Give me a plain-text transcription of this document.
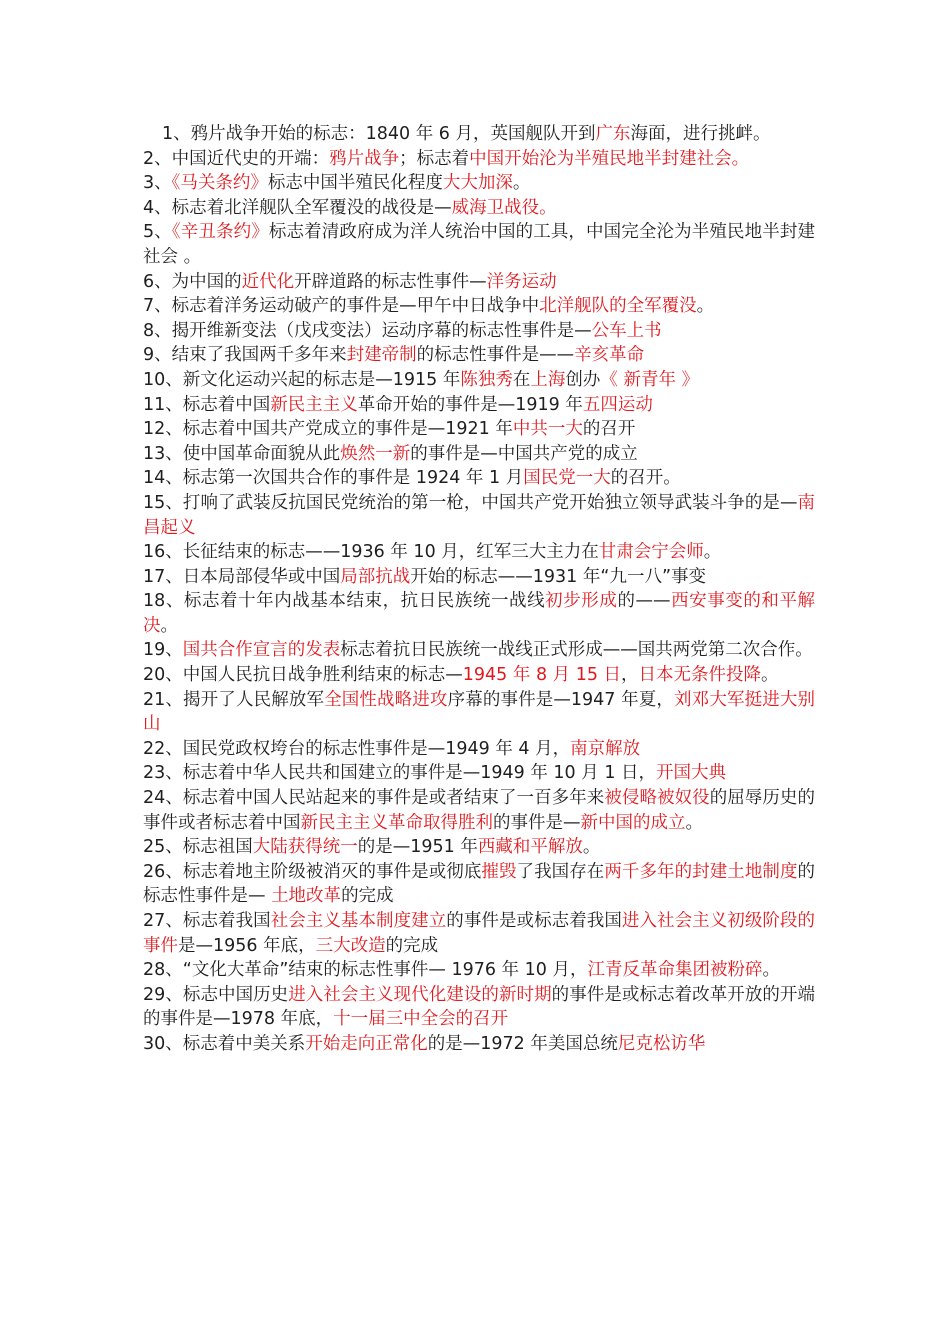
1、鸦片战争开始的标志：1840 年 6 月，英国舰队开到广东海面，进行挑衅。

2、中国近代史的开端：鸦片战争；标志着中国开始沦为半殖民地半封建社会。

3、《马关条约》标志中国半殖民化程度大大加深。

4、标志着北洋舰队全军覆没的战役是—威海卫战役。

5、《辛丑条约》标志着清政府成为洋人统治中国的工具，中国完全沦为半殖民地半封建社会 。

6、为中国的近代化开辟道路的标志性事件—洋务运动

7、标志着洋务运动破产的事件是—甲午中日战争中北洋舰队的全军覆没。

8、揭开维新变法（戊戌变法）运动序幕的标志性事件是—公车上书

9、结束了我国两千多年来封建帝制的标志性事件是——辛亥革命

10、新文化运动兴起的标志是—1915 年陈独秀在上海创办《 新青年 》

11、标志着中国新民主主义革命开始的事件是—1919 年五四运动

12、标志着中国共产党成立的事件是—1921 年中共一大的召开

13、使中国革命面貌从此焕然一新的事件是—中国共产党的成立

14、标志第一次国共合作的事件是 1924 年 1 月国民党一大的召开。

15、打响了武装反抗国民党统治的第一枪，中国共产党开始独立领导武装斗争的是—南昌起义

16、长征结束的标志——1936 年 10 月，红军三大主力在甘肃会宁会师。

17、日本局部侵华或中国局部抗战开始的标志——1931 年“九一八”事变

18、标志着十年内战基本结束，抗日民族统一战线初步形成的——西安事变的和平解决。

19、国共合作宣言的发表标志着抗日民族统一战线正式形成——国共两党第二次合作。

20、中国人民抗日战争胜利结束的标志—1945 年 8 月 15 日，日本无条件投降。

21、揭开了人民解放军全国性战略进攻序幕的事件是—1947 年夏，刘邓大军挺进大别山

22、国民党政权垮台的标志性事件是—1949 年 4 月，南京解放

23、标志着中华人民共和国建立的事件是—1949 年 10 月 1 日，开国大典

24、标志着中国人民站起来的事件是或者结束了一百多年来被侵略被奴役的屈辱历史的事件或者标志着中国新民主主义革命取得胜利的事件是—新中国的成立。

25、标志祖国大陆获得统一的是—1951 年西藏和平解放。

26、标志着地主阶级被消灭的事件是或彻底摧毁了我国存在两千多年的封建土地制度的标志性事件是— 土地改革的完成

27、标志着我国社会主义基本制度建立的事件是或标志着我国进入社会主义初级阶段的事件是—1956 年底，三大改造的完成

28、“文化大革命”结束的标志性事件— 1976 年 10 月，江青反革命集团被粉碎。

29、标志中国历史进入社会主义现代化建设的新时期的事件是或标志着改革开放的开端的事件是—1978 年底，十一届三中全会的召开

30、标志着中美关系开始走向正常化的是—1972 年美国总统尼克松访华
